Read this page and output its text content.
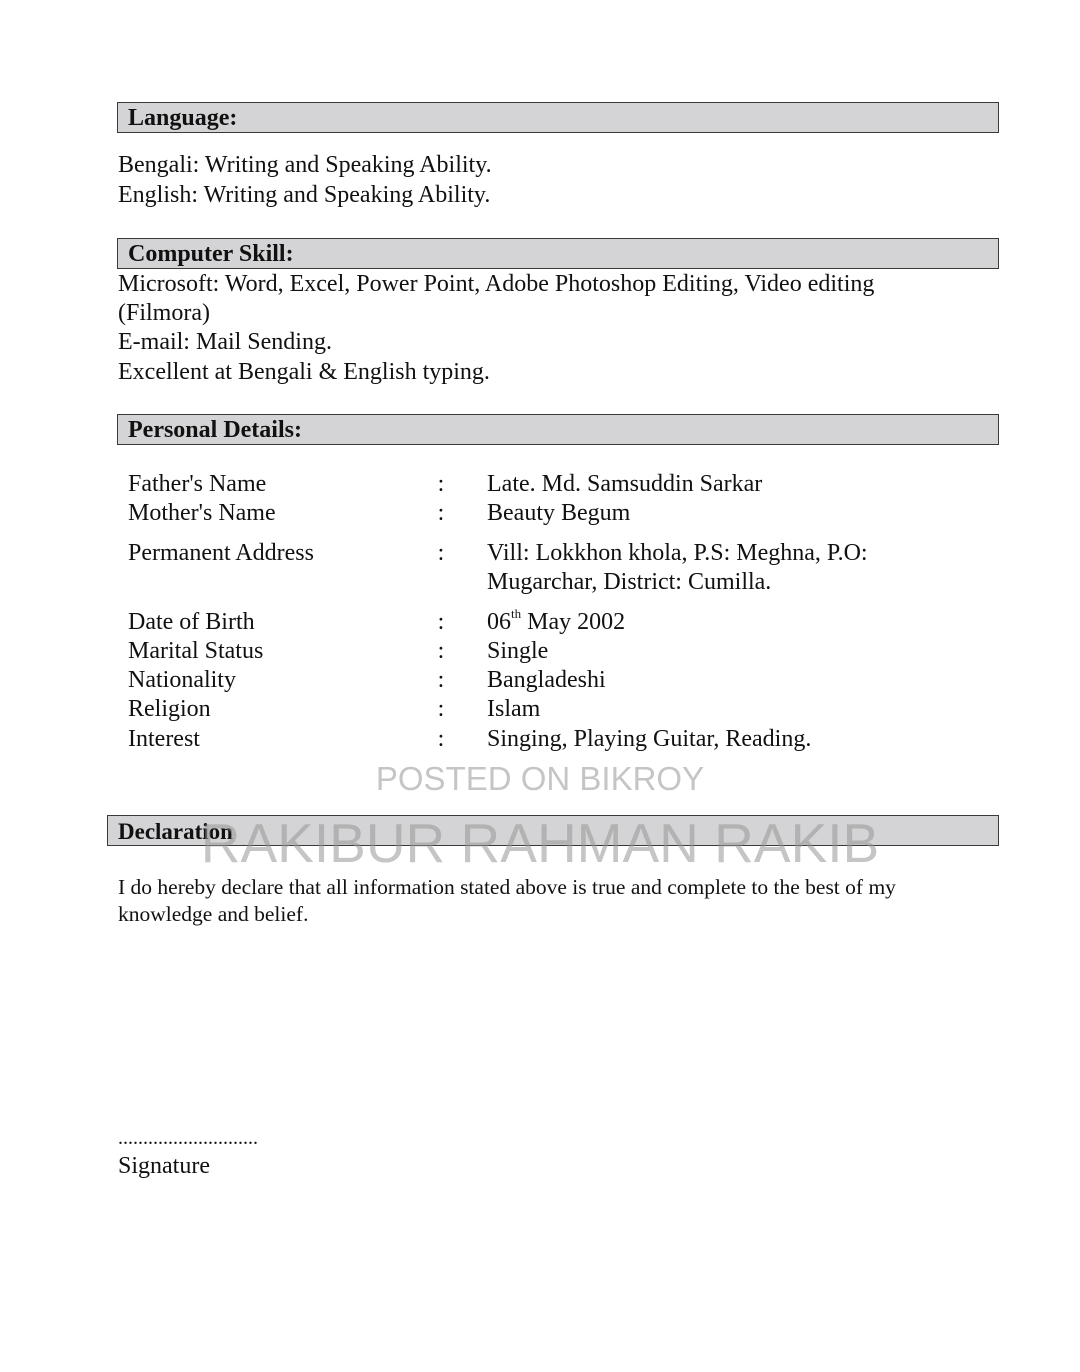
Language:
Bengali: Writing and Speaking Ability.
English: Writing and Speaking Ability.
Computer Skill:
Microsoft: Word, Excel, Power Point, Adobe Photoshop Editing, Video editing
(Filmora)
E-mail: Mail Sending.
Excellent at Bengali & English typing.
Personal Details:
Father's Name	: Late. Md. Samsuddin Sarkar
Mother's Name	: Beauty Begum
Permanent Address	: Vill: Lokkhon khola, P.S: Meghna, P.O:
Mugarchar, District: Cumilla.
Date of Birth	: 06th May 2002
Marital Status	: Single
Nationality	: Bangladeshi
Religion	: Islam
Interest	: Singing, Playing Guitar, Reading.
Declaration
I do hereby declare that all information stated above is true and complete to the best of my
knowledge and belief.
............................
Signature
POSTED ON BIKROY
RAKIBUR RAHMAN RAKIB
